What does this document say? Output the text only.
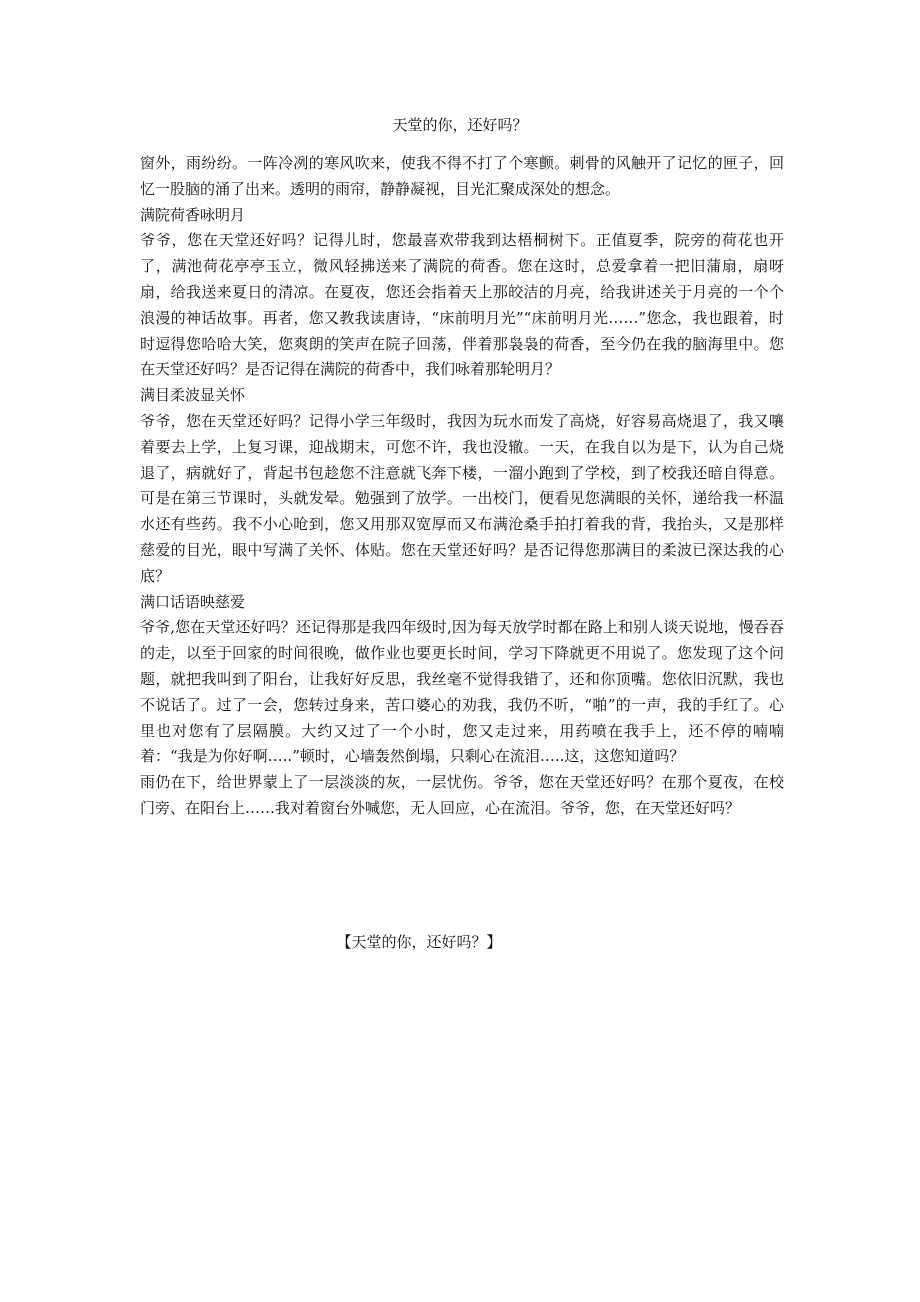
天堂的你，还好吗？

窗外，雨纷纷。一阵冷冽的寒风吹来，使我不得不打了个寒颤。刺骨的风触开了记忆的匣子，回忆一股脑的涌了出来。透明的雨帘，静静凝视，目光汇聚成深处的想念。

满院荷香咏明月

爷爷，您在天堂还好吗？记得儿时，您最喜欢带我到达梧桐树下。正值夏季，院旁的荷花也开了，满池荷花亭亭玉立，微风轻拂送来了满院的荷香。您在这时，总爱拿着一把旧蒲扇，扇呀扇，给我送来夏日的清凉。在夏夜，您还会指着天上那皎洁的月亮，给我讲述关于月亮的一个个浪漫的神话故事。再者，您又教我读唐诗，“床前明月光”“床前明月光……”您念，我也跟着，时时逗得您哈哈大笑，您爽朗的笑声在院子回荡，伴着那袅袅的荷香，至今仍在我的脑海里中。您在天堂还好吗？是否记得在满院的荷香中，我们咏着那轮明月？

满目柔波显关怀

爷爷，您在天堂还好吗？记得小学三年级时，我因为玩水而发了高烧，好容易高烧退了，我又嚷着要去上学，上复习课，迎战期末，可您不许，我也没辙。一天，在我自以为是下，认为自己烧退了，病就好了，背起书包趁您不注意就飞奔下楼，一溜小跑到了学校，到了校我还暗自得意。可是在第三节课时，头就发晕。勉强到了放学。一出校门，便看见您满眼的关怀，递给我一杯温水还有些药。我不小心呛到，您又用那双宽厚而又布满沧桑手拍打着我的背，我抬头，又是那样慈爱的目光，眼中写满了关怀、体贴。您在天堂还好吗？是否记得您那满目的柔波已深达我的心底？

满口话语映慈爱

爷爷,您在天堂还好吗？还记得那是我四年级时,因为每天放学时都在路上和别人谈天说地，慢吞吞的走，以至于回家的时间很晚，做作业也要更长时间，学习下降就更不用说了。您发现了这个问题，就把我叫到了阳台，让我好好反思，我丝毫不觉得我错了，还和你顶嘴。您依旧沉默，我也不说话了。过了一会，您转过身来，苦口婆心的劝我，我仍不听，“啪”的一声，我的手红了。心里也对您有了层隔膜。大约又过了一个小时，您又走过来，用药喷在我手上，还不停的喃喃着：“我是为你好啊…..”顿时，心墙轰然倒塌，只剩心在流泪…..这，这您知道吗？

雨仍在下，给世界蒙上了一层淡淡的灰，一层忧伤。爷爷，您在天堂还好吗？在那个夏夜，在校门旁、在阳台上……我对着窗台外喊您，无人回应，心在流泪。爷爷，您，在天堂还好吗？

【天堂的你，还好吗？】
